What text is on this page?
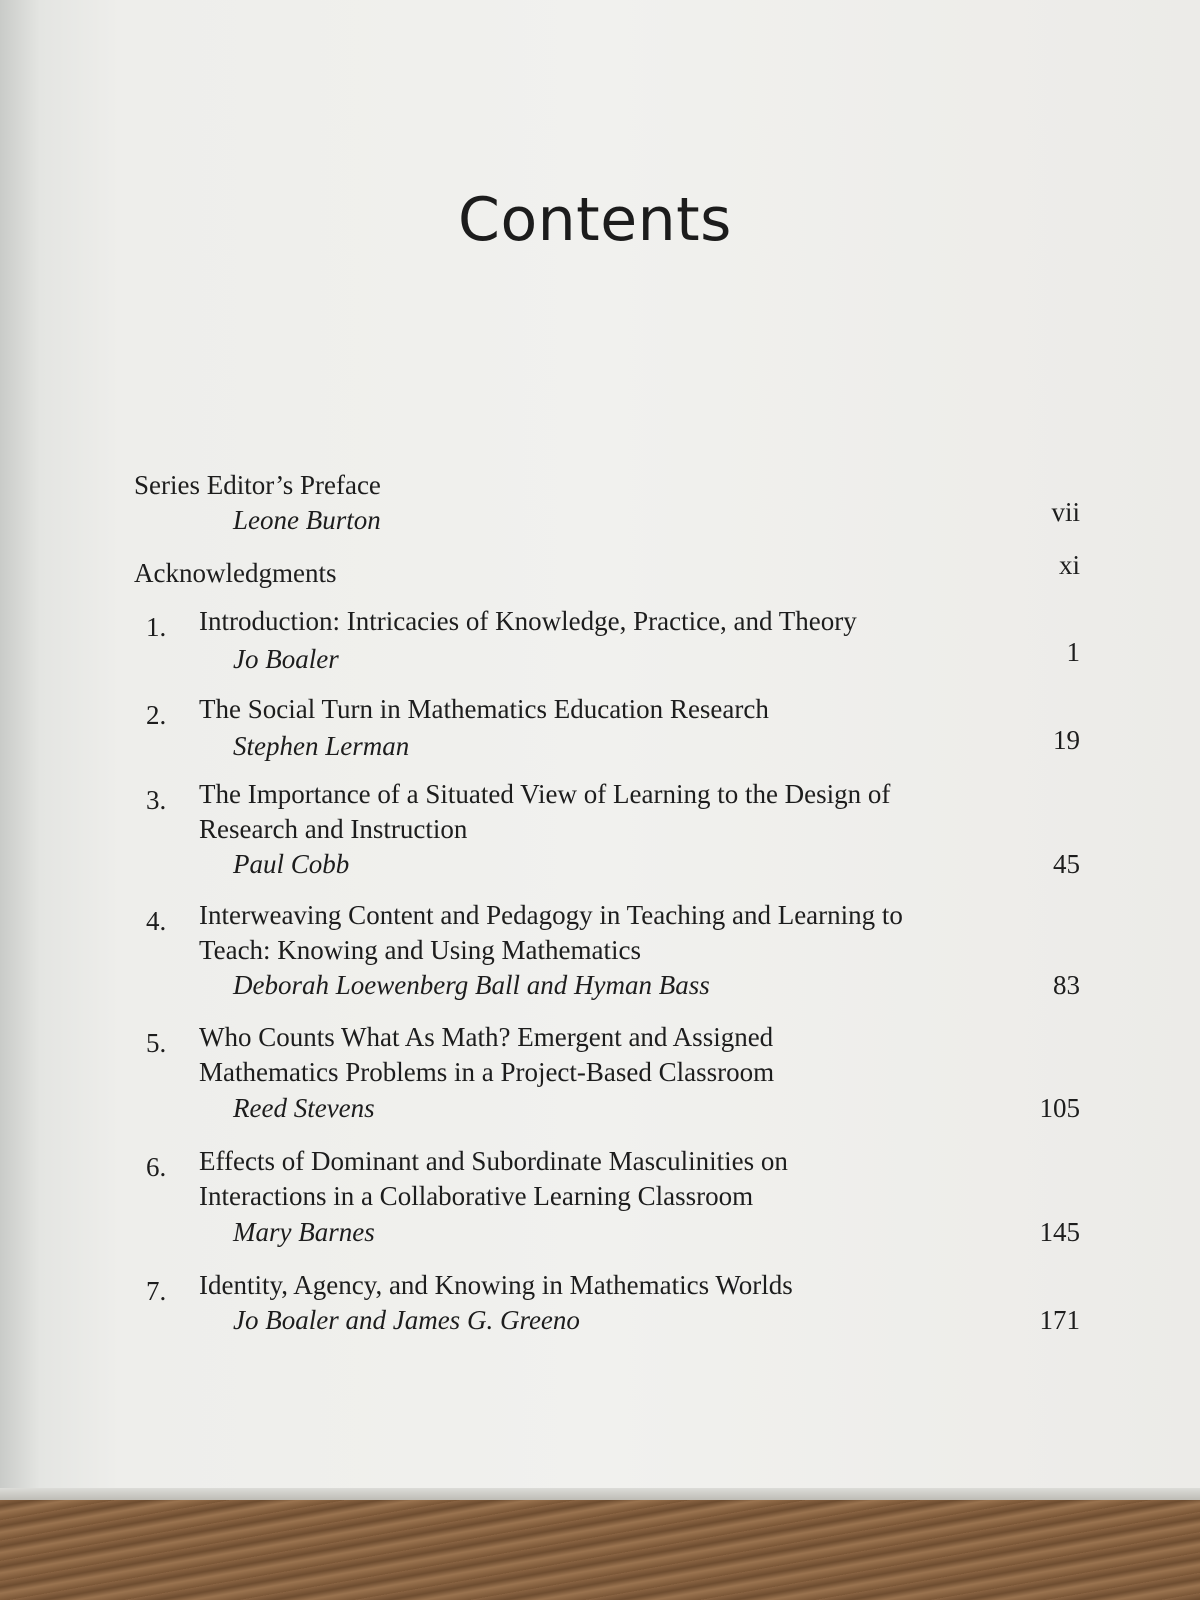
Contents
Series Editor’s Preface
Leone Burton	vii
Acknowledgments	xi
1. Introduction: Intricacies of Knowledge, Practice, and Theory
Jo Boaler	1
2. The Social Turn in Mathematics Education Research
Stephen Lerman	19
3. The Importance of a Situated View of Learning to the Design of
Research and Instruction
Paul Cobb	45
4. Interweaving Content and Pedagogy in Teaching and Learning to
Teach: Knowing and Using Mathematics
Deborah Loewenberg Ball and Hyman Bass	83
5. Who Counts What As Math? Emergent and Assigned
Mathematics Problems in a Project-Based Classroom
Reed Stevens	105
6. Effects of Dominant and Subordinate Masculinities on
Interactions in a Collaborative Learning Classroom
Mary Barnes	145
7. Identity, Agency, and Knowing in Mathematics Worlds
Jo Boaler and James G. Greeno	171
